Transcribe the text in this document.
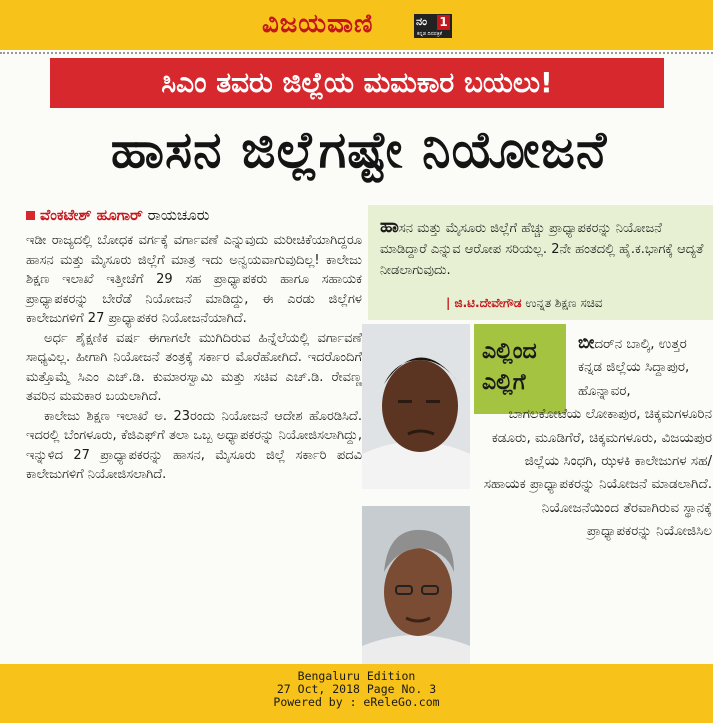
ವಿಜಯವಾಣಿ	ನಂ 1
ಕನ್ನಡ ದಿನಪತ್ರಿಕೆ
ಸಿಎಂ ತವರು ಜಿಲ್ಲೆಯ ಮಮಕಾರ ಬಯಲು!
ಹಾಸನ ಜಿಲ್ಲೆಗಷ್ಟೇ ನಿಯೋಜನೆ
ವೆಂಕಟೇಶ್ ಹೂಗಾರ್ ರಾಯಚೂರು

ಇಡೀ ರಾಜ್ಯದಲ್ಲಿ ಬೋಧಕ ವರ್ಗಕ್ಕೆ ವರ್ಗಾವಣೆ ಎನ್ನುವುದು ಮರೀಚಿಕೆಯಾಗಿದ್ದರೂ ಹಾಸನ ಮತ್ತು ಮೈಸೂರು ಜಿಲ್ಲೆಗೆ ಮಾತ್ರ ಇದು ಅನ್ವಯವಾಗುವುದಿಲ್ಲ! ಕಾಲೇಜು ಶಿಕ್ಷಣ ಇಲಾಖೆ ಇತ್ತೀಚೆಗೆ 29 ಸಹ ಪ್ರಾಧ್ಯಾಪಕರು ಹಾಗೂ ಸಹಾಯಕ ಪ್ರಾಧ್ಯಾಪಕರನ್ನು ಬೇರೆಡೆ ನಿಯೋಜನೆ ಮಾಡಿದ್ದು, ಈ ಎರಡು ಜಿಲ್ಲೆಗಳ ಕಾಲೇಜುಗಳಿಗೆ 27 ಪ್ರಾಧ್ಯಾಪಕರ ನಿಯೋಜನೆಯಾಗಿದೆ.

ಅರ್ಧ ಶೈಕ್ಷಣಿಕ ವರ್ಷ ಈಗಾಗಲೇ ಮುಗಿದಿರುವ ಹಿನ್ನೆಲೆಯಲ್ಲಿ ವರ್ಗಾವಣೆ ಸಾಧ್ಯವಿಲ್ಲ. ಹೀಗಾಗಿ ನಿಯೋಜನೆ ತಂತ್ರಕ್ಕೆ ಸರ್ಕಾರ ಮೊರೆಹೋಗಿದೆ. ಇದರೊಂದಿಗೆ ಮತ್ತೊಮ್ಮೆ ಸಿಎಂ ಎಚ್.ಡಿ. ಕುಮಾರಸ್ವಾಮಿ ಮತ್ತು ಸಚಿವ ಎಚ್.ಡಿ. ರೇವಣ್ಣ ತವರಿನ ಮಮಕಾರ ಬಯಲಾಗಿದೆ.

ಕಾಲೇಜು ಶಿಕ್ಷಣ ಇಲಾಖೆ ಅ. 23ರಂದು ನಿಯೋಜನೆ ಆದೇಶ ಹೊರಡಿಸಿದೆ. ಇದರಲ್ಲಿ ಬೆಂಗಳೂರು, ಕೆಜಿಎಫ್‌ಗೆ ತಲಾ ಒಬ್ಬ ಅಧ್ಯಾಪಕರನ್ನು ನಿಯೋಜಿಸಲಾಗಿದ್ದು, ಇನ್ನುಳಿದ 27 ಪ್ರಾಧ್ಯಾಪಕರನ್ನು ಹಾಸನ, ಮೈಸೂರು ಜಿಲ್ಲೆ ಸರ್ಕಾರಿ ಪದವಿ ಕಾಲೇಜುಗಳಿಗೆ ನಿಯೋಜಿಸಲಾಗಿದೆ.

ಹಾಸನ ಮತ್ತು ಮೈಸೂರು ಜಿಲ್ಲೆಗೆ ಹೆಚ್ಚು ಪ್ರಾಧ್ಯಾಪಕರನ್ನು ನಿಯೋಜನೆ ಮಾಡಿದ್ದಾರೆ ಎನ್ನುವ ಆರೋಪ ಸರಿಯಲ್ಲ. 2ನೇ ಹಂತದಲ್ಲಿ ಹೈ.ಕ.ಭಾಗಕ್ಕೆ ಆದ್ಯತೆ ನೀಡಲಾಗುವುದು.
| ಜಿ.ಟಿ.ದೇವೇಗೌಡ ಉನ್ನತ ಶಿಕ್ಷಣ ಸಚಿವ
ಎಲ್ಲಿಂದ
ಎಲ್ಲಿಗೆ
ಬೀದರ್‌ನ ಬಾಲ್ಕಿ, ಉತ್ತರ ಕನ್ನಡ ಜಿಲ್ಲೆಯ ಸಿದ್ದಾಪುರ, ಹೊನ್ನಾವರ,
ಬಾಗಲಕೋಟೆಯ ಲೋಕಾಪುರ, ಚಿಕ್ಕಮಗಳೂರಿನ ಕಡೂರು, ಮೂಡಿಗೆರೆ, ಚಿಕ್ಕಮಗಳೂರು, ವಿಜಯಪುರ ಜಿಲ್ಲೆಯ ಸಿಂಧಗಿ, ಝಳಕಿ ಕಾಲೇಜುಗಳ ಸಹ/ ಸಹಾಯಕ ಪ್ರಾಧ್ಯಾಪಕರನ್ನು ನಿಯೋಜನೆ ಮಾಡಲಾಗಿದೆ. ನಿಯೋಜನೆಯಿಂದ ತೆರವಾಗಿರುವ ಸ್ಥಾನಕ್ಕೆ ಪ್ರಾಧ್ಯಾಪಕರನ್ನು ನಿಯೋಜಿಸಿಲ
Bengaluru Edition
27 Oct, 2018 Page No. 3
Powered by : eReleGo.com
